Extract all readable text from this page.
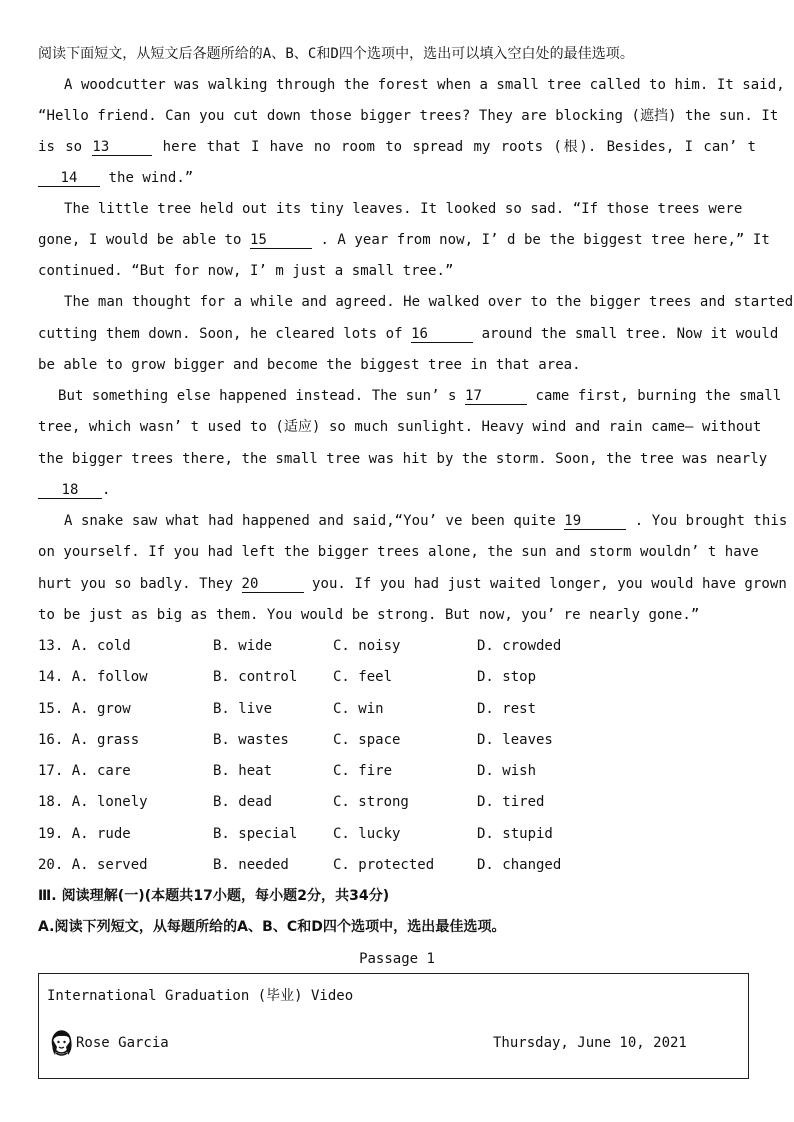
阅读下面短文，从短文后各题所给的A、B、C和D四个选项中，选出可以填入空白处的最佳选项。
A woodcutter was walking through the forest when a small tree called to him. It said,
“Hello friend. Can you cut down those bigger trees? They are blocking (遮挡) the sun. It
is so 13	here that I have no room to spread my roots (根). Besides, I can’ t
14 the wind.”
The little tree held out its tiny leaves. It looked so sad. “If those trees were
gone, I would be able to 15	. A year from now, I’ d be the biggest tree here,” It
continued. “But for now, I’ m just a small tree.”
The man thought for a while and agreed. He walked over to the bigger trees and started
cutting them down. Soon, he cleared lots of 16	around the small tree. Now it would
be able to grow bigger and become the biggest tree in that area.
But something else happened instead. The sun’ s 17	came first, burning the small
tree, which wasn’ t used to (适应) so much sunlight. Heavy wind and rain came— without
the bigger trees there, the small tree was hit by the storm. Soon, the tree was nearly
18 .
A snake saw what had happened and said,“You’ ve been quite 19	. You brought this
on yourself. If you had left the bigger trees alone, the sun and storm wouldn’ t have
hurt you so badly. They 20	you. If you had just waited longer, you would have grown
to be just as big as them. You would be strong. But now, you’ re nearly gone.”
13. A. cold	B. wide	C. noisy	D. crowded
14. A. follow	B. control	C. feel	D. stop
15. A. grow	B. live	C. win	D. rest
16. A. grass	B. wastes	C. space	D. leaves
17. A. care	B. heat	C. fire	D. wish
18. A. lonely	B. dead	C. strong	D. tired
19. A. rude	B. special	C. lucky	D. stupid
20. A. served	B. needed	C. protected	D. changed
Ⅲ. 阅读理解(一)(本题共17小题，每小题2分，共34分)
A.阅读下列短文，从每题所给的A、B、C和D四个选项中，选出最佳选项。
Passage 1
International Graduation (毕业) Video
Rose Garcia	Thursday, June 10, 2021
